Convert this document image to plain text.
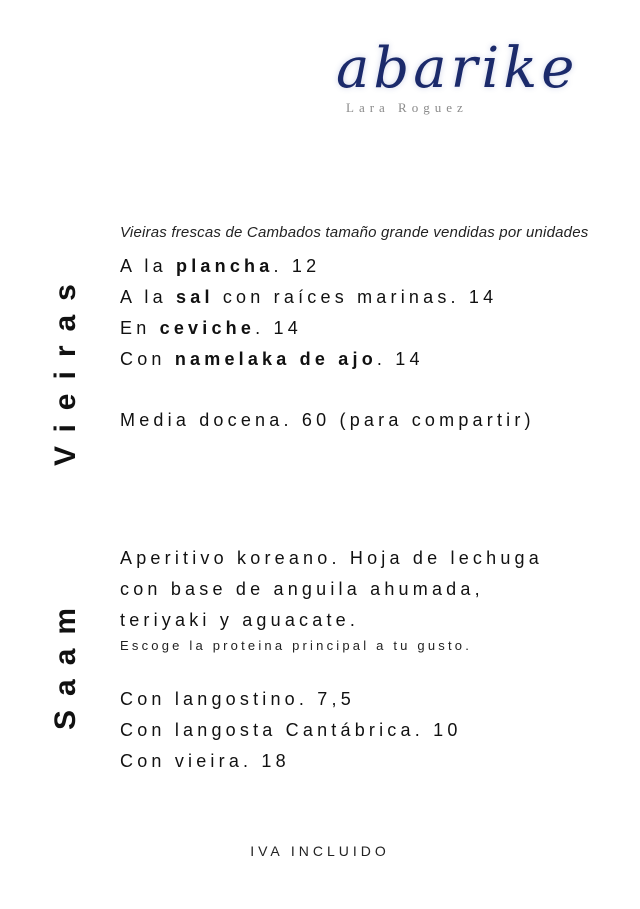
abarike
Lara Roguez
Vieiras
Vieiras frescas de Cambados tamaño grande vendidas por unidades
A la plancha. 12
A la sal con raíces marinas. 14
En ceviche. 14
Con namelaka de ajo. 14
Media docena. 60 (para compartir)
Saam
Aperitivo koreano. Hoja de lechuga
con base de anguila ahumada,
teriyaki y aguacate.
Escoge la proteina principal a tu gusto.
Con langostino. 7,5
Con langosta Cantábrica. 10
Con vieira. 18
IVA INCLUIDO
